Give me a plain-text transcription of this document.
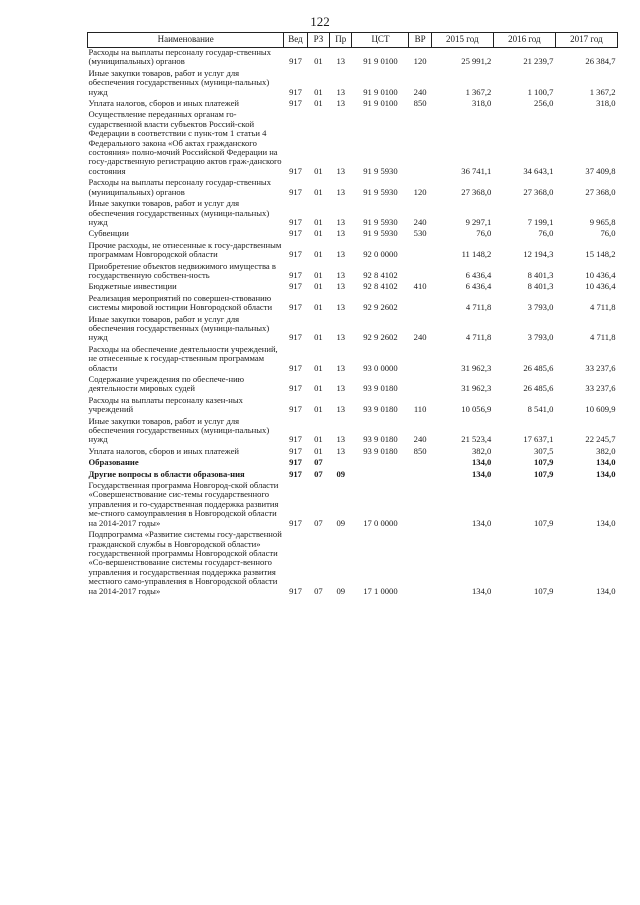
122
Наименование	Вед	РЗ	Пр	ЦСТ	ВР	2015 год	2016 год	2017 год
Расходы на выплаты персоналу государ-ственных (муниципальных) органов	917	01	13	91 9 0100	120	25 991,2	21 239,7	26 384,7
Иные закупки товаров, работ и услуг для обеспечения государственных (муници-пальных) нужд	917	01	13	91 9 0100	240	1 367,2	1 100,7	1 367,2
Уплата налогов, сборов и иных платежей	917	01	13	91 9 0100	850	318,0	256,0	318,0
Осуществление переданных органам го-сударственной власти субъектов Россий-ской Федерации в соответствии с пунк-том 1 статьи 4 Федерального закона «Об актах гражданского состояния» полно-мочий Российской Федерации на госу-дарственную регистрацию актов граж-данского состояния	917	01	13	91 9 5930		36 741,1	34 643,1	37 409,8
Расходы на выплаты персоналу государ-ственных (муниципальных) органов	917	01	13	91 9 5930	120	27 368,0	27 368,0	27 368,0
Иные закупки товаров, работ и услуг для обеспечения государственных (муници-пальных) нужд	917	01	13	91 9 5930	240	9 297,1	7 199,1	9 965,8
Субвенции	917	01	13	91 9 5930	530	76,0	76,0	76,0
Прочие расходы, не отнесенные к госу-дарственным программам Новгородской области	917	01	13	92 0 0000		11 148,2	12 194,3	15 148,2
Приобретение объектов недвижимого имущества в государственную собствен-ность	917	01	13	92 8 4102		6 436,4	8 401,3	10 436,4
Бюджетные инвестиции	917	01	13	92 8 4102	410	6 436,4	8 401,3	10 436,4
Реализация мероприятий по совершен-ствованию системы мировой юстиции Новгородской области	917	01	13	92 9 2602		4 711,8	3 793,0	4 711,8
Иные закупки товаров, работ и услуг для обеспечения государственных (муници-пальных) нужд	917	01	13	92 9 2602	240	4 711,8	3 793,0	4 711,8
Расходы на обеспечение деятельности учреждений, не отнесенные к государ-ственным программам области	917	01	13	93 0 0000		31 962,3	26 485,6	33 237,6
Содержание учреждения по обеспече-нию деятельности мировых судей	917	01	13	93 9 0180		31 962,3	26 485,6	33 237,6
Расходы на выплаты персоналу казен-ных учреждений	917	01	13	93 9 0180	110	10 056,9	8 541,0	10 609,9
Иные закупки товаров, работ и услуг для обеспечения государственных (муници-пальных) нужд	917	01	13	93 9 0180	240	21 523,4	17 637,1	22 245,7
Уплата налогов, сборов и иных платежей	917	01	13	93 9 0180	850	382,0	307,5	382,0
Образование	917	07				134,0	107,9	134,0
Другие вопросы в области образова-ния	917	07	09			134,0	107,9	134,0
Государственная программа Новгород-ской области «Совершенствование сис-темы государственного управления и го-сударственная поддержка развития ме-стного самоуправления в Новгородской области на 2014-2017 годы»	917	07	09	17 0 0000		134,0	107,9	134,0
Подпрограмма «Развитие системы госу-дарственной гражданской службы в Новгородской области» государственной программы Новгородской области «Со-вершенствование системы государст-венного управления и государственная поддержка развития местного само-управления в Новгородской области на 2014-2017 годы»	917	07	09	17 1 0000		134,0	107,9	134,0
